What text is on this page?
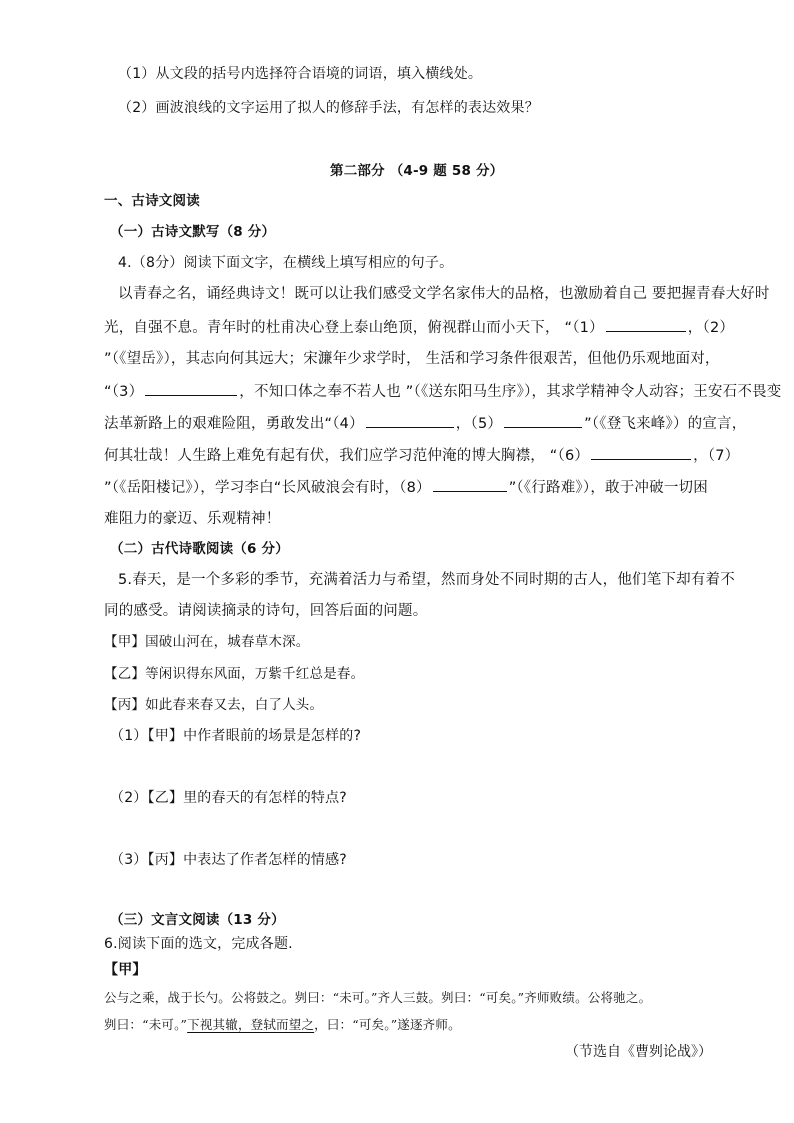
（1）从文段的括号内选择符合语境的词语，填入横线处。
（2）画波浪线的文字运用了拟人的修辞手法，有怎样的表达效果？
第二部分 （4-9 题 58 分）
一、古诗文阅读
（一）古诗文默写（8 分）
4.（8分）阅读下面文字，在横线上填写相应的句子。
以青春之名，诵经典诗文！既可以让我们感受文学名家伟大的品格，也激励着自己 要把握青春大好时
光，自强不息。青年时的杜甫决心登上泰山绝顶，俯视群山而小天下， “（1）	，（2）
”（《望岳》），其志向何其远大；宋濂年少求学时， 生活和学习条件很艰苦，但他仍乐观地面对，
“（3）	，不知口体之奉不若人也 ”（《送东阳马生序》），其求学精神令人动容；王安石不畏变
法革新路上的艰难险阻，勇敢发出“（4）	，（5）	”（《登飞来峰》）的宣言，
何其壮哉！人生路上难免有起有伏，我们应学习范仲淹的博大胸襟， “（6）	，（7）
”（《岳阳楼记》），学习李白“长风破浪会有时，（8）	”（《行路难》），敢于冲破一切困
难阻力的豪迈、乐观精神！
（二）古代诗歌阅读（6 分）
5.春天，是一个多彩的季节，充满着活力与希望，然而身处不同时期的古人，他们笔下却有着不
同的感受。请阅读摘录的诗句，回答后面的问题。
【甲】国破山河在，城春草木深。
【乙】等闲识得东风面，万紫千红总是春。
【丙】如此春来春又去，白了人头。
（1）【甲】中作者眼前的场景是怎样的?
（2）【乙】里的春天的有怎样的特点?
（3）【丙】中表达了作者怎样的情感?
（三）文言文阅读（13 分）
6.阅读下面的选文，完成各题.
【甲】
公与之乘，战于长勺。公将鼓之。刿曰：“未可。”齐人三鼓。刿曰：“可矣。”齐师败绩。公将驰之。
刿曰：“未可。”下视其辙，登轼而望之，曰：“可矣。”遂逐齐师。
（节选自《曹刿论战》）
